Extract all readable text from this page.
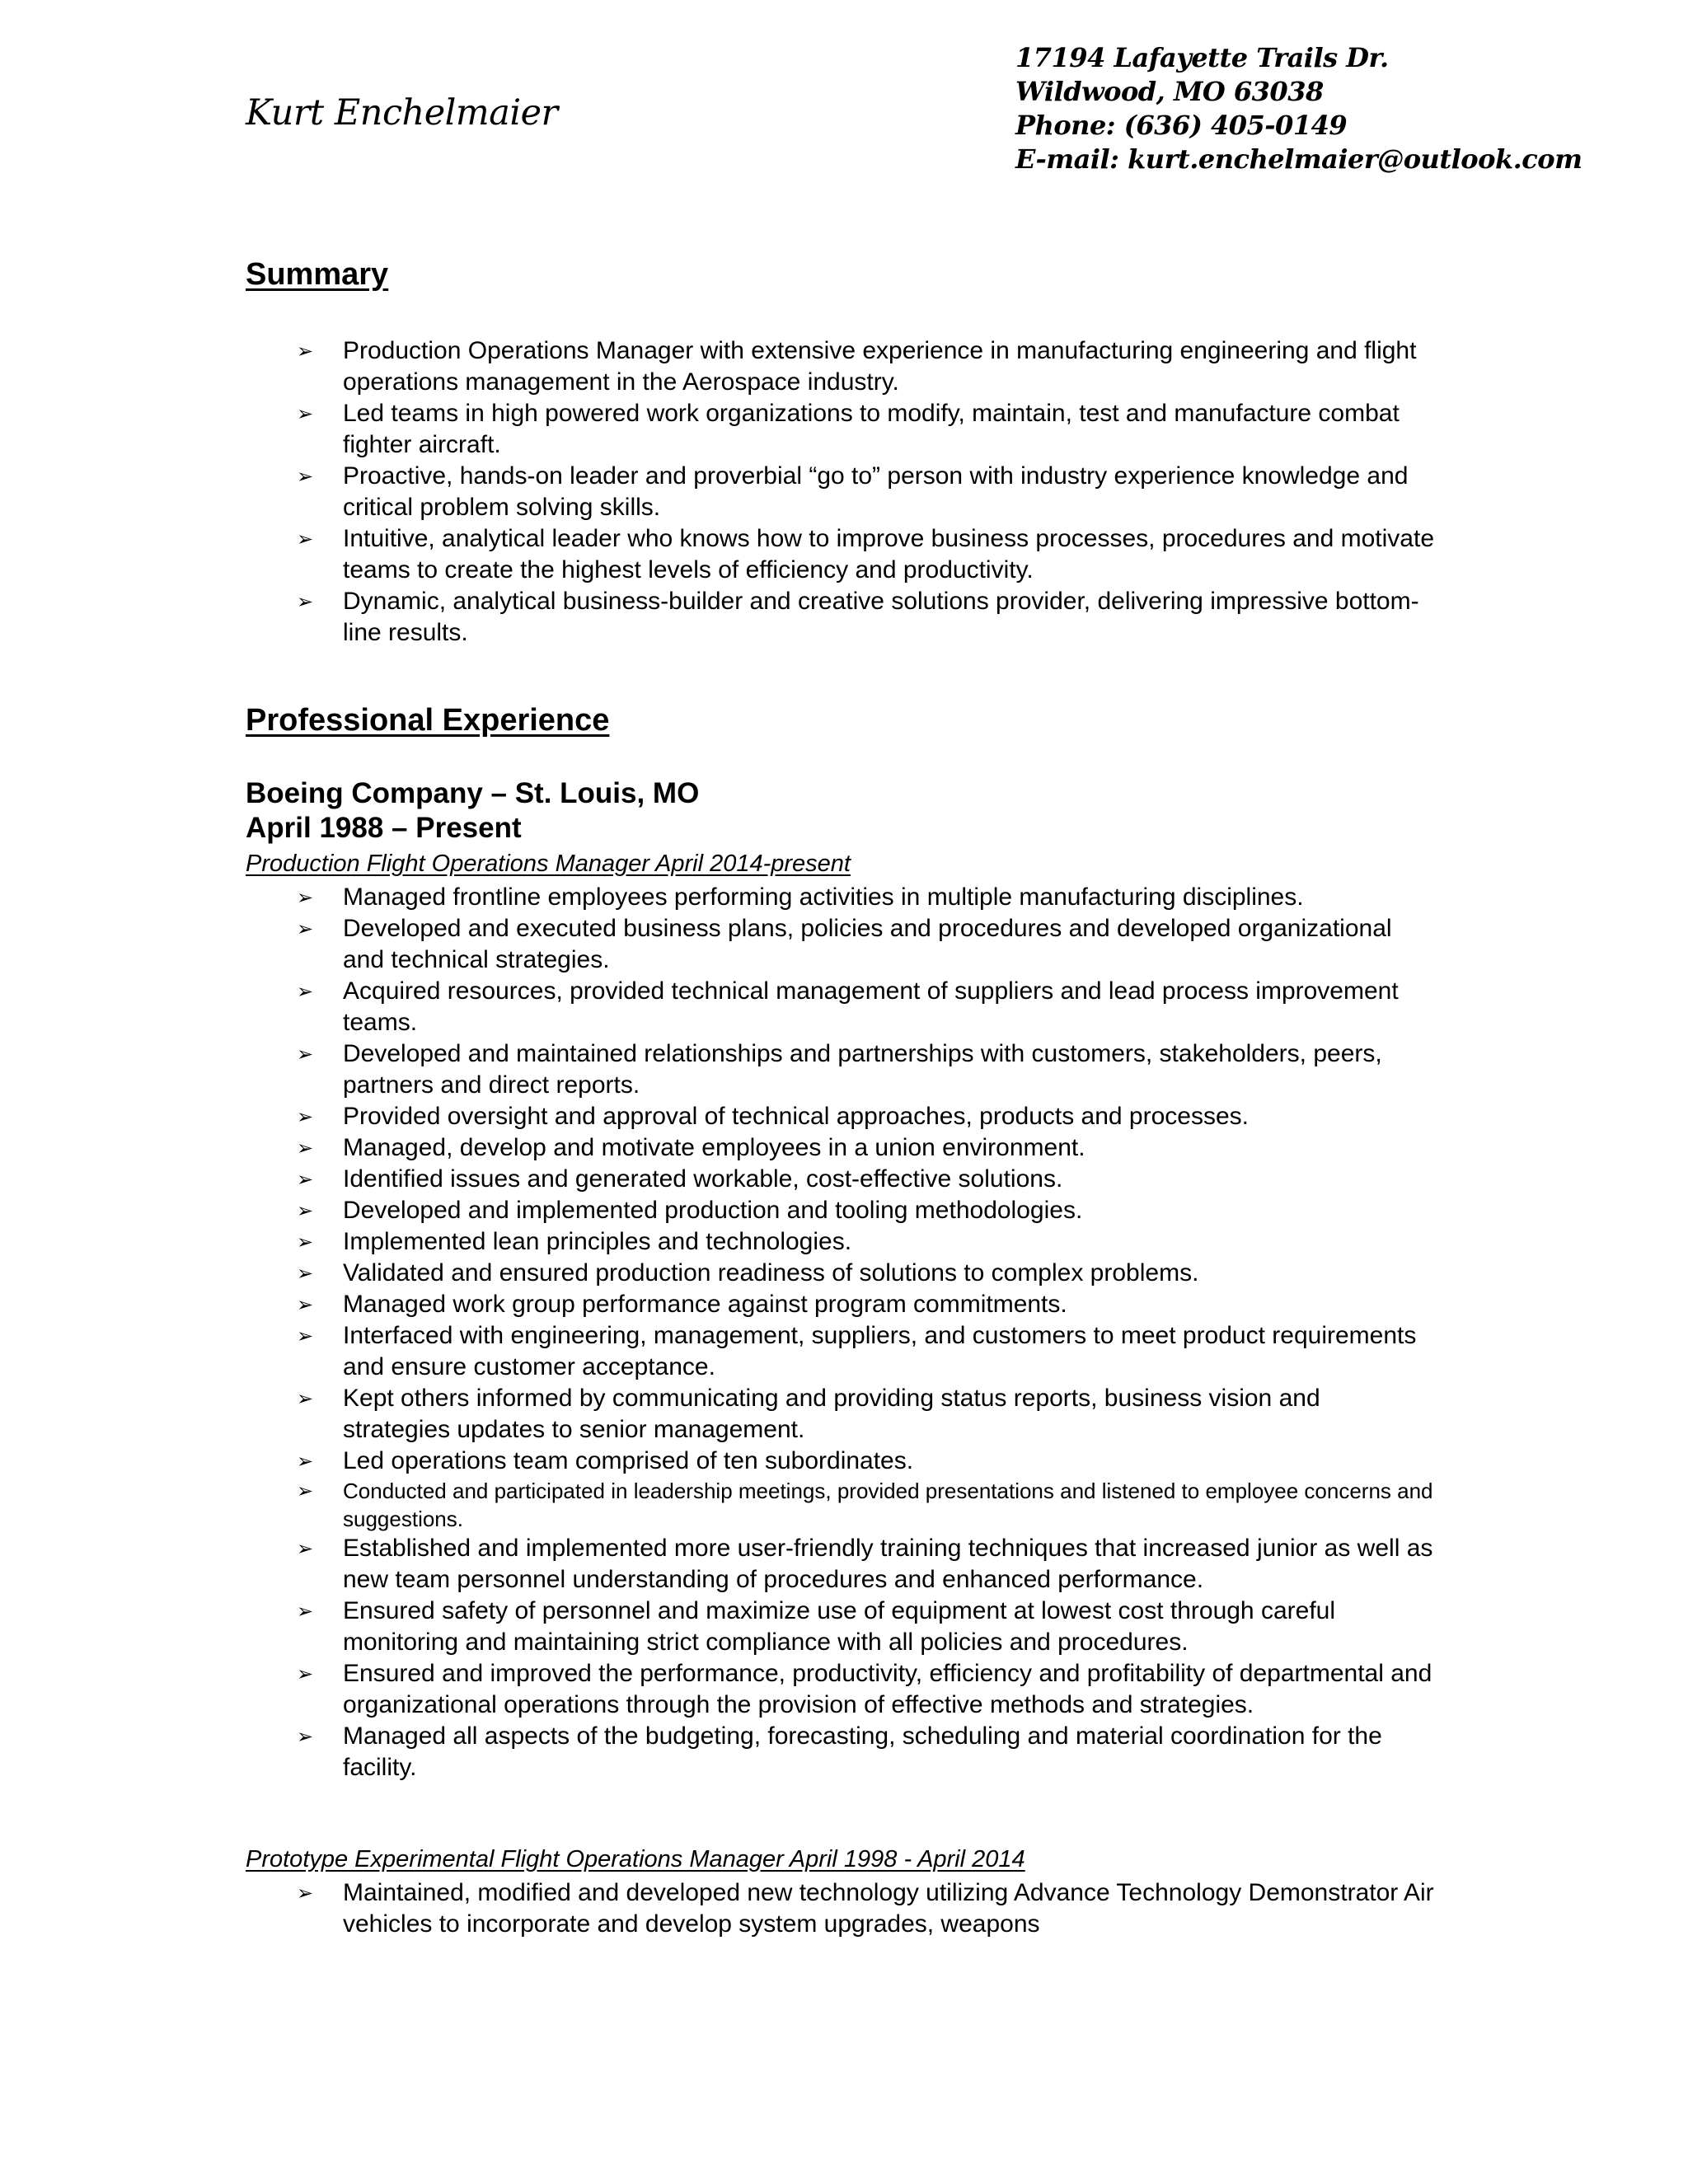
Kurt Enchelmaier
17194 Lafayette Trails Dr.
Wildwood, MO 63038
Phone: (636) 405-0149
E-mail: kurt.enchelmaier@outlook.com
Summary
➢ Production Operations Manager with extensive experience in manufacturing engineering and flight operations management in the Aerospace industry.
➢ Led teams in high powered work organizations to modify, maintain, test and manufacture combat fighter aircraft.
➢ Proactive, hands-on leader and proverbial “go to” person with industry experience knowledge and critical problem solving skills.
➢ Intuitive, analytical leader who knows how to improve business processes, procedures and motivate teams to create the highest levels of efficiency and productivity.
➢ Dynamic, analytical business-builder and creative solutions provider, delivering impressive bottom-line results.
Professional Experience
Boeing Company – St. Louis, MO
April 1988 – Present
Production Flight Operations Manager April 2014-present
➢ Managed frontline employees performing activities in multiple manufacturing disciplines.
➢ Developed and executed business plans, policies and procedures and developed organizational and technical strategies.
➢ Acquired resources, provided technical management of suppliers and lead process improvement teams.
➢ Developed and maintained relationships and partnerships with customers, stakeholders, peers, partners and direct reports.
➢ Provided oversight and approval of technical approaches, products and processes.
➢ Managed, develop and motivate employees in a union environment.
➢ Identified issues and generated workable, cost-effective solutions.
➢ Developed and implemented production and tooling methodologies.
➢ Implemented lean principles and technologies.
➢ Validated and ensured production readiness of solutions to complex problems.
➢ Managed work group performance against program commitments.
➢ Interfaced with engineering, management, suppliers, and customers to meet product requirements and ensure customer acceptance.
➢ Kept others informed by communicating and providing status reports, business vision and strategies updates to senior management.
➢ Led operations team comprised of ten subordinates.
➢ Conducted and participated in leadership meetings, provided presentations and listened to employee concerns and suggestions.
➢ Established and implemented more user-friendly training techniques that increased junior as well as new team personnel understanding of procedures and enhanced performance.
➢ Ensured safety of personnel and maximize use of equipment at lowest cost through careful monitoring and maintaining strict compliance with all policies and procedures.
➢ Ensured and improved the performance, productivity, efficiency and profitability of departmental and organizational operations through the provision of effective methods and strategies.
➢ Managed all aspects of the budgeting, forecasting, scheduling and material coordination for the facility.
Prototype Experimental Flight Operations Manager April 1998 - April 2014
➢ Maintained, modified and developed new technology utilizing Advance Technology Demonstrator Air vehicles to incorporate and develop system upgrades, weapons
